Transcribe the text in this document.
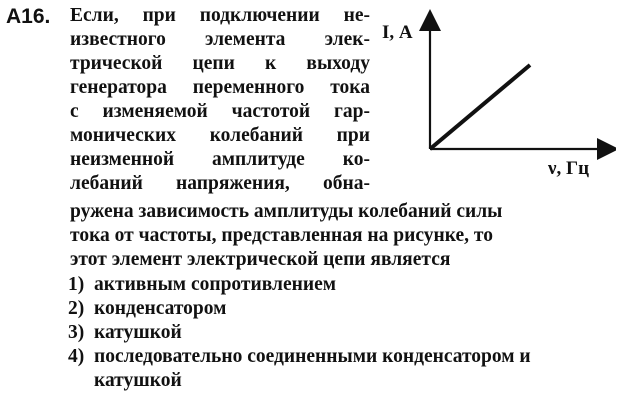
A16. Если, при подключении не-
известного элемента элек-
трической цепи к выходу
генератора переменного тока
с изменяемой частотой гар-
монических колебаний при
неизменной амплитуде ко-
лебаний напряжения, обна-
ружена зависимость амплитуды колебаний силы
тока от частоты, представленная на рисунке, то
этот элемент электрической цепи является
1) активным сопротивлением
2) конденсатором
3) катушкой
4) последовательно соединенными конденсатором и
катушкой
I, А
ν, Гц
